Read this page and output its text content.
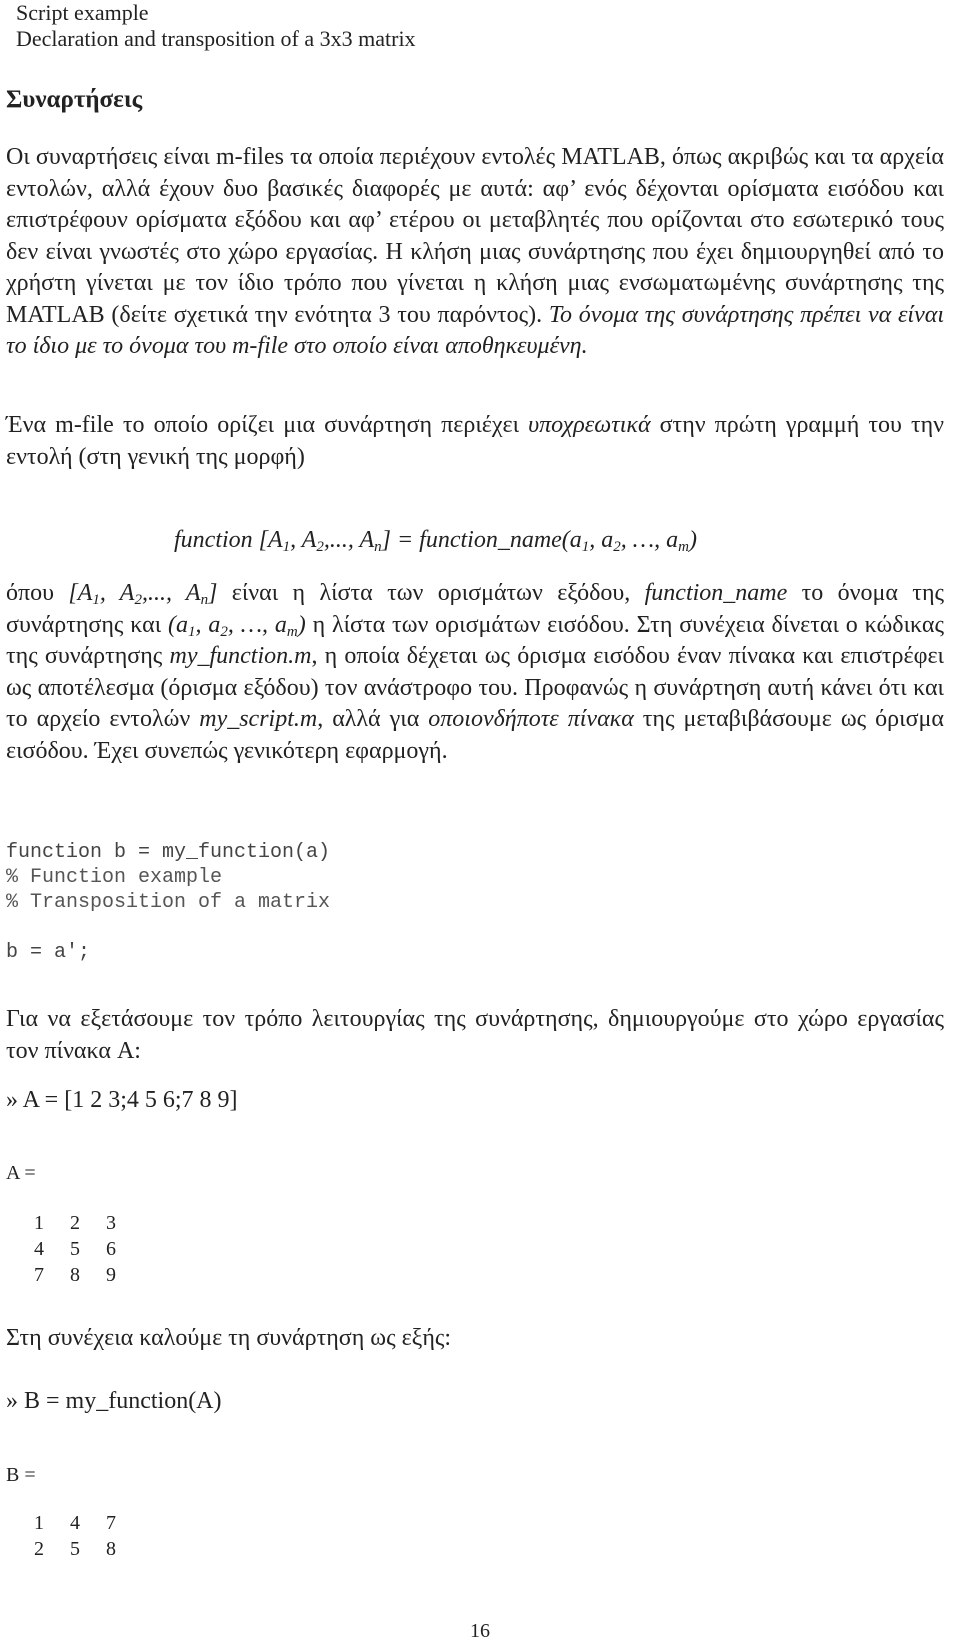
Script example
Declaration and transposition of a 3x3 matrix
Συναρτήσεις

Οι συναρτήσεις είναι m-files τα οποία περιέχουν εντολές MATLAB, όπως ακριβώς και τα αρχεία εντολών, αλλά έχουν δυο βασικές διαφορές με αυτά: αφ’ ενός δέχονται ορίσματα εισόδου και επιστρέφουν ορίσματα εξόδου και αφ’ ετέρου οι μεταβλητές που ορίζονται στο εσωτερικό τους δεν είναι γνωστές στο χώρο εργασίας. Η κλήση μιας συνάρτησης που έχει δημιουργηθεί από το χρήστη γίνεται με τον ίδιο τρόπο που γίνεται η κλήση μιας ενσωματωμένης συνάρτησης της MATLAB (δείτε σχετικά την ενότητα 3 του παρόντος). Το όνομα της συνάρτησης πρέπει να είναι το ίδιο με το όνομα του m-file στο οποίο είναι αποθηκευμένη.

Ένα m-file το οποίο ορίζει μια συνάρτηση περιέχει υποχρεωτικά στην πρώτη γραμμή του την εντολή (στη γενική της μορφή)

function [$A_1$, $A_2$,..., $A_n$] = $function\_name(a_1$, $a_2$, …, $a_m$)

όπου [$A_1$, $A_2$,..., $A_n$] είναι η λίστα των ορισμάτων εξόδου, function_name το όνομα της συνάρτησης και ($a_1$, $a_2$, …, $a_m$) η λίστα των ορισμάτων εισόδου. Στη συνέχεια δίνεται ο κώδικας της συνάρτησης my_function.m, η οποία δέχεται ως όρισμα εισόδου έναν πίνακα και επιστρέφει ως αποτέλεσμα (όρισμα εξόδου) τον ανάστροφο του. Προφανώς η συνάρτηση αυτή κάνει ότι και το αρχείο εντολών my_script.m, αλλά για οποιονδήποτε πίνακα της μεταβιβάσουμε ως όρισμα εισόδου. Έχει συνεπώς γενικότερη εφαρμογή.

function b = my_function(a)
% Function example
% Transposition of a matrix
b = a';

Για να εξετάσουμε τον τρόπο λειτουργίας της συνάρτησης, δημιουργούμε στο χώρο εργασίας τον πίνακα A:

» A = [1 2 3;4 5 6;7 8 9]
A =
1	2	3
4	5	6
7	8	9
Στη συνέχεια καλούμε τη συνάρτηση ως εξής:
» B = my_function(A)
B =
1	4	7
2	5	8
16
